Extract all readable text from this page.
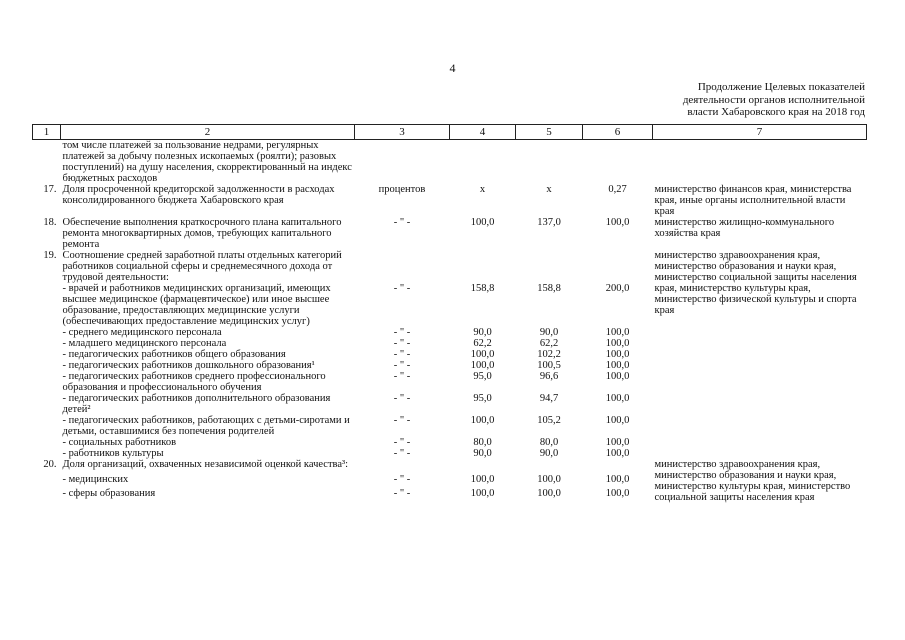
4
Продолжение Целевых показателей
деятельности органов исполнительной
власти Хабаровского края на 2018 год
1	2	3	4	5	6	7
	том числе платежей за пользование недрами, регулярных платежей за добычу полезных ископаемых (роялти); разовых поступлений) на душу населения, скорректированный на индекс бюджетных расходов					
17.	Доля просроченной кредиторской задолженности в расходах консолидированного бюджета Хабаровского края	процентов	х	х	0,27	министерство финансов края, министерства края, иные органы исполнительной власти края
18.	Обеспечение выполнения краткосрочного плана капитального ремонта многоквартирных домов, требующих капитального ремонта	- " -	100,0	137,0	100,0	министерство жилищно-коммунального хозяйства края
19.	Соотношение средней заработной платы отдельных категорий работников социальной сферы и среднемесячного дохода от трудовой деятельности:					министерство здравоохранения края, министерство образования и науки края, министерство социальной защиты населения края, министерство культуры края, министерство физической культуры и спорта края
	- врачей и работников медицинских организаций, имеющих высшее медицинское (фармацевтическое) или иное высшее образование, предоставляющих медицинские услуги (обеспечивающих предоставление медицинских услуг)	- " -	158,8	158,8	200,0	
	- среднего медицинского персонала	- " -	90,0	90,0	100,0	
	- младшего медицинского персонала	- " -	62,2	62,2	100,0	
	- педагогических работников общего образования	- " -	100,0	102,2	100,0	
	- педагогических работников дошкольного образования¹	- " -	100,0	100,5	100,0	
	- педагогических работников среднего профессионального образования и профессионального обучения	- " -	95,0	96,6	100,0	
	- педагогических работников дополнительного образования детей²	- " -	95,0	94,7	100,0	
	- педагогических работников, работающих с детьми-сиротами и детьми, оставшимися без попечения родителей	- " -	100,0	105,2	100,0	
	- социальных работников	- " -	80,0	80,0	100,0	
	- работников культуры	- " -	90,0	90,0	100,0	
20.	Доля организаций, охваченных независимой оценкой качества³:					министерство здравоохранения края, министерство образования и науки края, министерство культуры края, министерство социальной защиты населения края
	- медицинских	- " -	100,0	100,0	100,0	
	- сферы образования	- " -	100,0	100,0	100,0	
